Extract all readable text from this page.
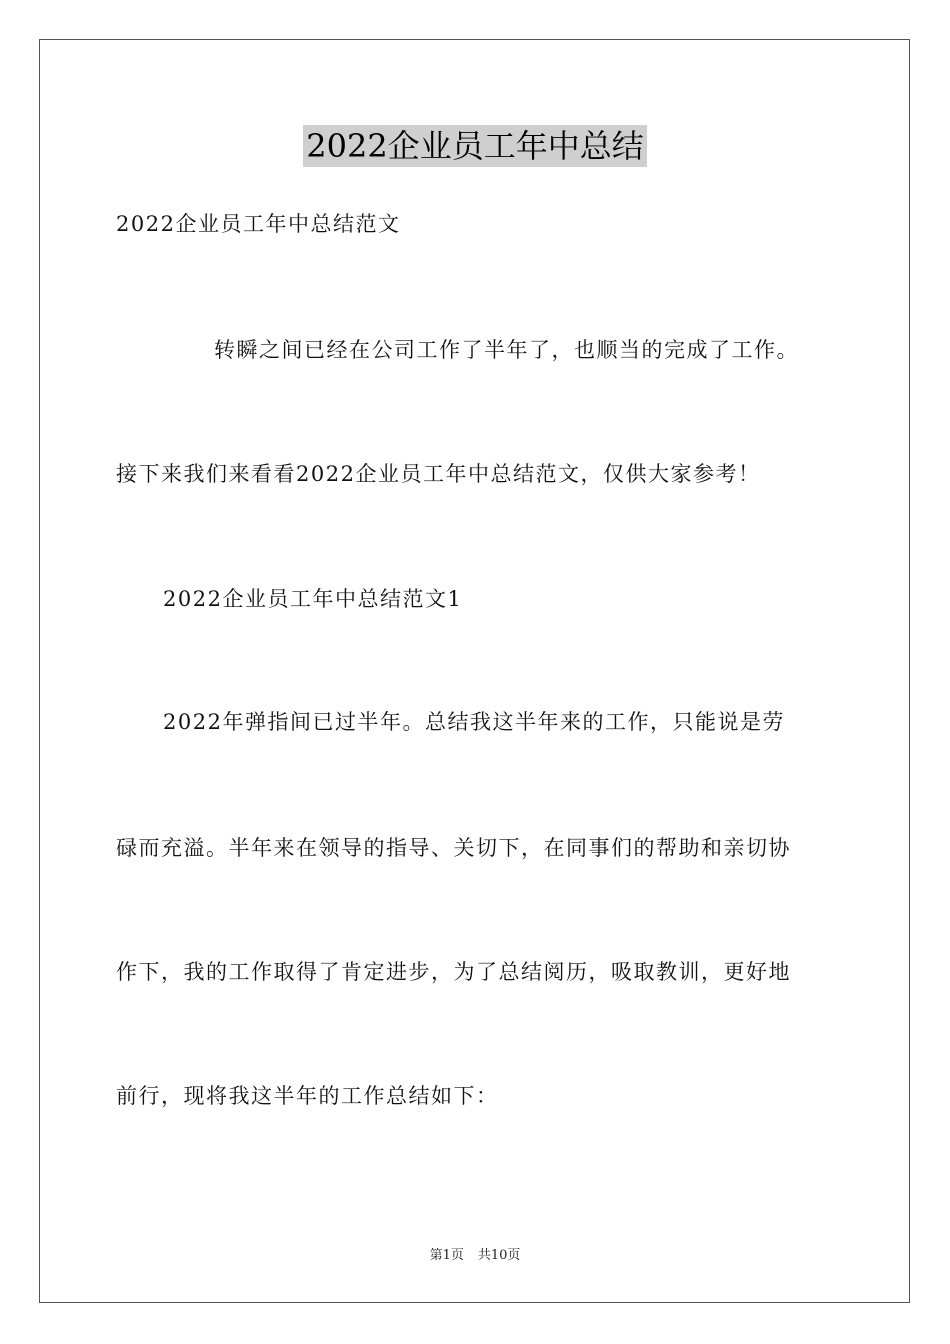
2022企业员工年中总结
2022企业员工年中总结范文
转瞬之间已经在公司工作了半年了，也顺当的完成了工作。
接下来我们来看看2022企业员工年中总结范文，仅供大家参考！
2022企业员工年中总结范文1
2022年弹指间已过半年。总结我这半年来的工作，只能说是劳
碌而充溢。半年来在领导的指导、关切下，在同事们的帮助和亲切协
作下，我的工作取得了肯定进步，为了总结阅历，吸取教训，更好地
前行，现将我这半年的工作总结如下：
第1页 共10页
